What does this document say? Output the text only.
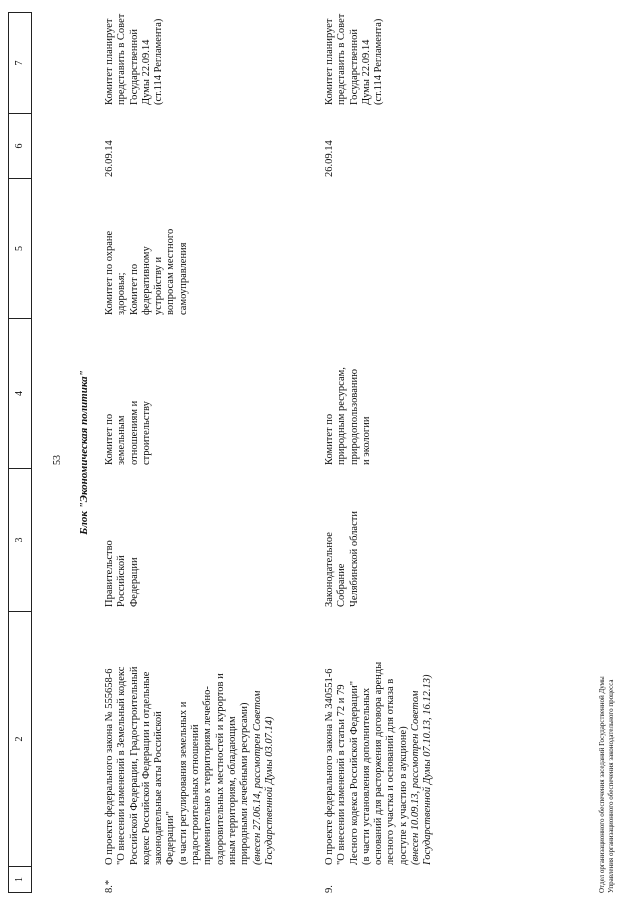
1
2
3
4
5
6
7
53 Блок "Экономическая политика"
8.*
О проекте федерального закона № 555658-6 "О внесении изменений в Земельный кодекс Российской Федерации, Градостроительный кодекс Российской Федерации и отдельные законодательные акты Российской Федерации" (в части регулирования земельных и градостроительных отношений применительно к территориям лечебно- оздоровительных местностей и курортов и иным территориям, обладающим природными лечебными ресурсами) (внесен 27.06.14, рассмотрен Советом Государственной Думы 03.07.14)
Правительство Российской Федерации
Комитет по земельным отношениям и строительству
Комитет по охране здоровья; Комитет по федеративному устройству и вопросам местного самоуправления
26.09.14
Комитет планирует представить в Совет Государственной Думы 22.09.14 (ст.114 Регламента)
9.
О проекте федерального закона № 340551-6 "О внесении изменений в статьи 72 и 79 Лесного кодекса Российской Федерации" (в части установления дополнительных оснований для расторжения договора аренды лесного участка и оснований для отказа в доступе к участию в аукционе) (внесен 10.09.13, рассмотрен Советом Государственной Думы 07.10.13, 16.12.13)
Законодательное Собрание Челябинской области
Комитет по природным ресурсам, природопользованию и экологии
26.09.14
Комитет планирует представить в Совет Государственной Думы 22.09.14 (ст.114 Регламента)
Отдел организационного обеспечения заседаний Государственной Думы Управления организационного обеспечения законодательного процесса
